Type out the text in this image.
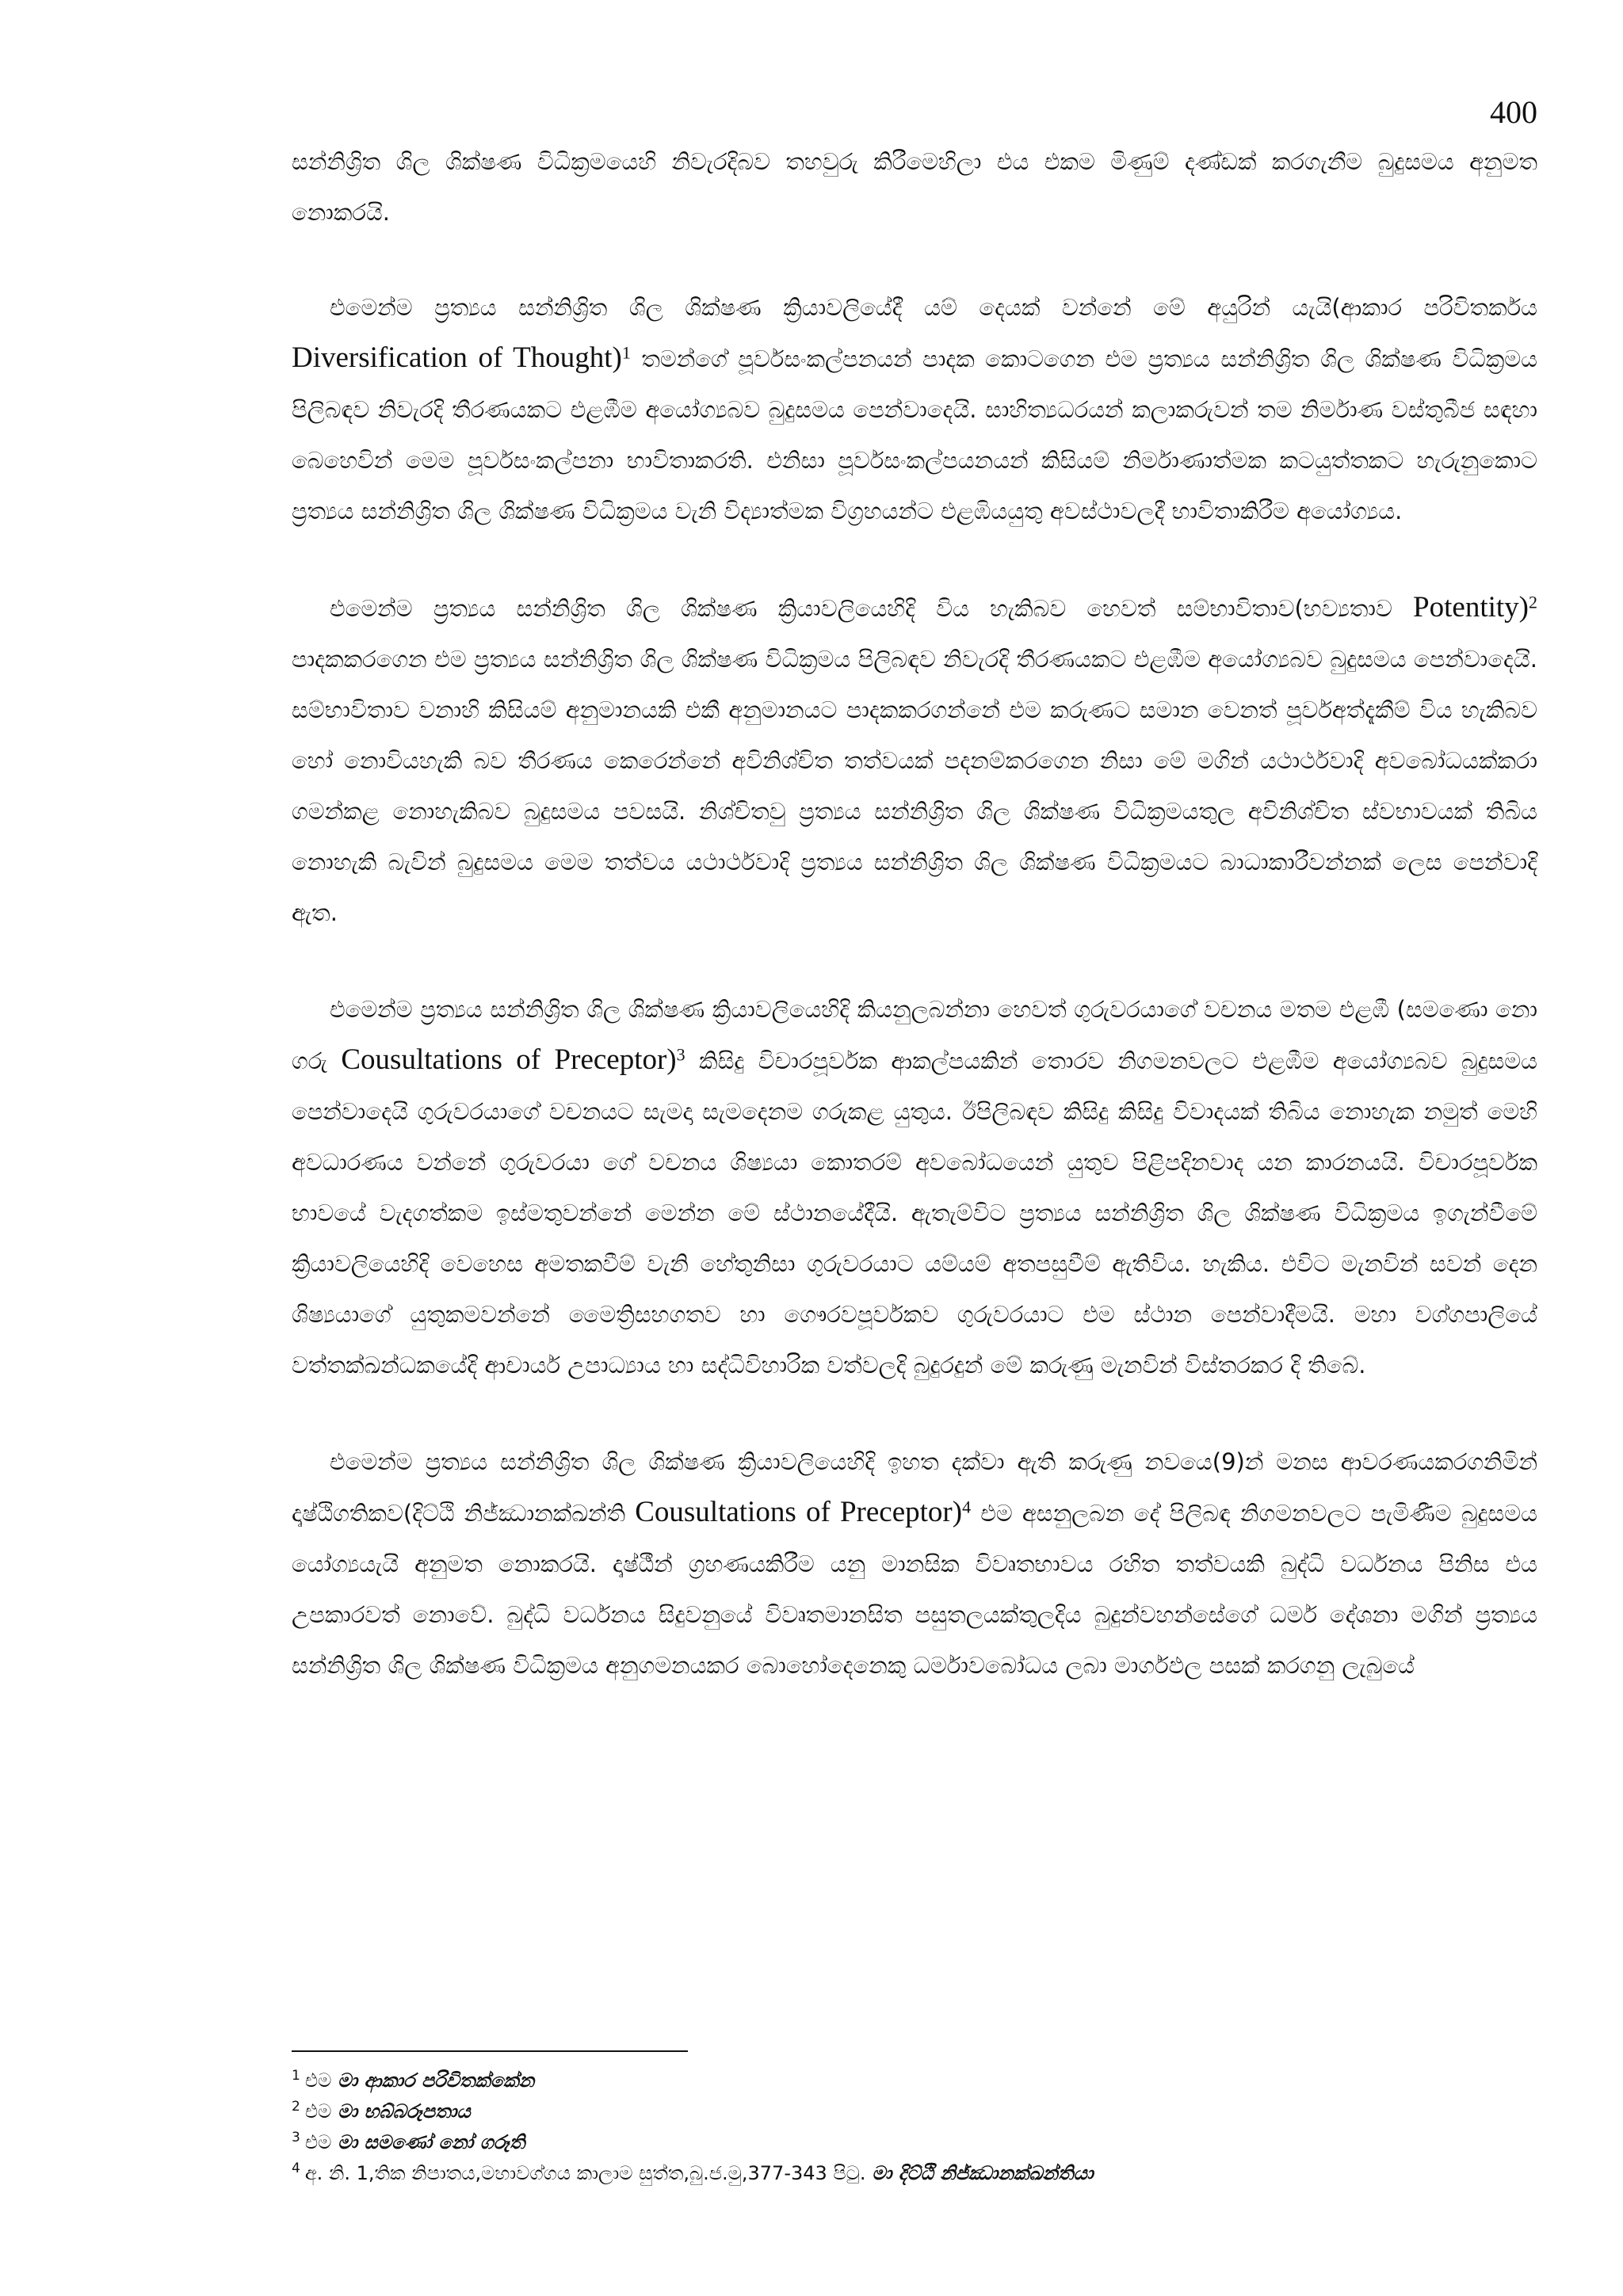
400

සන්නිශ්‍රිත ශිල ශික්ෂණ විධික්‍රමයෙහි නිවැරදිබව තහවුරු කිරීමෙහිලා එය එකම මිණුම් දණ්ඩක් කරගැනීම බුදුසමය අනුමත නොකරයි.

එමෙන්ම ප්‍රත්‍යය සන්නිශ්‍රිත ශිල ශික්ෂණ ක්‍රියාවලියේදී යම් දෙයක් වන්නේ මේ අයුරින් යැයි(ආකාර පරිවිතර්කය Diversification of Thought)$^1$ තමන්ගේ පූර්වසංකල්පනයන් පාදක කොටගෙන එම ප්‍රත්‍යය සන්නිශ්‍රිත ශිල ශික්ෂණ විධික්‍රමය පිලිබඳව නිවැරදි තීරණයකට එළඹීම අයෝග්‍යබව බුදුසමය පෙන්වාදෙයි. සාහිත්‍යධරයන් කලාකරුවන් තම නිර්මාණ වස්තුබීජ සඳහා බෙහෙවින් මෙම පූර්වසංකල්පනා භාවිතාකරති. එනිසා පූර්වසංකල්පයනයන් කිසියම් නිර්මාණාත්මක කටයුත්තකට හැරුනුකොට ප්‍රත්‍යය සන්නිශ්‍රිත ශිල ශික්ෂණ විධික්‍රමය වැනි විද්‍යාත්මක විග්‍රහයන්ට එළඹියයුතු අවස්ථාවලදී භාවිතාකිරීම අයෝග්‍යය.

එමෙන්ම ප්‍රත්‍යය සන්නිශ්‍රිත ශිල ශික්ෂණ ක්‍රියාවලියෙහිදි විය හැකිබව හෙවත් සම්භාවිතාව(භව්‍යතාව Potentity)$^2$ පාදකකරගෙන එම ප්‍රත්‍යය සන්නිශ්‍රිත ශිල ශික්ෂණ විධික්‍රමය පිලිබඳව නිවැරදි තීරණයකට එළඹීම අයෝග්‍යබව බුදුසමය පෙන්වාදෙයි. සම්භාවිතාව වනාහි කිසියම් අනුමානයකි එකී අනුමානයට පාදකකරගන්නේ එම කරුණට සමාන වෙනත් පූර්වඅත්දැකීම් විය හැකිබව හෝ නොවියහැකි බව තීරණය කෙරෙන්නේ අවිනිශ්චිත තත්වයක් පදනම්කරගෙන නිසා මේ මගින් යථාර්ථවාදි අවබෝධයක්කරා ගමන්කළ නොහැකිබව බුදුසමය පවසයි. නිශ්චිතවු ප්‍රත්‍යය සන්නිශ්‍රිත ශිල ශික්ෂණ විධික්‍රමයතුල අවිනිශ්චිත ස්වභාවයක් තිබිය නොහැකි බැවින් බුදුසමය මෙම තත්වය යථාර්ථවාදි ප්‍රත්‍යය සන්නිශ්‍රිත ශිල ශික්ෂණ විධික්‍රමයට බාධාකාරීවන්නක් ලෙස පෙන්වාදි ඇත.

එමෙන්ම ප්‍රත්‍යය සන්නිශ්‍රිත ශිල ශික්ෂණ ක්‍රියාවලියෙහිදි කියනුලබන්නා හෙවත් ගුරුවරයාගේ වචනය මතම එළඹී (සමණො නො ගරු Cousultations of Preceptor)$^3$ කිසිදු විචාරපූර්වක ආකල්පයකින් තොරව නිගමනවලට එළඹීම අයෝග්‍යබව බුදුසමය පෙන්වාදෙයි ගුරුවරයාගේ වචනයට සැමදා සැමදෙනම ගරුකළ යුතුය. ඊපිලිබඳව කිසිදු කිසිදු විවාදයක් තිබිය නොහැක නමුත් මෙහි අවධාරණය වන්නේ ගුරුවරයා ගේ වචනය ශිෂ්‍යයා කොතරම් අවබෝධයෙන් යුතුව පිළිපදිනවාද යන කාරනයයි. විචාරපූර්වක භාවයේ වැදගත්කම ඉස්මතුවන්නේ මෙන්න මේ ස්ථානයේදීයි. ඇතැම්විට ප්‍රත්‍යය සන්නිශ්‍රිත ශිල ශික්ෂණ විධික්‍රමය ඉගැන්වීමේ ක්‍රියාවලියෙහිදි වෙහෙස අමතකවීම් වැනි හේතුනිසා ගුරුවරයාට යම්යම් අතපසුවීම් ඇතිවිය. හැකිය. එවිට මැනවින් සවන් දෙන ශිෂ්‍යයාගේ යුතුකමවන්නේ මෛත්‍රිසහගතව හා ගෞරවපූර්වකව ගුරුවරයාට එම ස්ථාන පෙන්වාදීමයි. මහා වග්ගපාලියේ වත්තක්ඛන්ධකයේදි ආචාර්ය උපාධ්‍යාය හා සද්ධිවිහාරික වත්වලදි බුදුරදුන් මේ කරුණු මැනවින් විස්තරකර දි තිබේ.

එමෙන්ම ප්‍රත්‍යය සන්නිශ්‍රිත ශිල ශික්ෂණ ක්‍රියාවලියෙහිදි ඉහත දක්වා ඇති කරුණු නවයෙ(9)න් මනස ආවරණයකරගනිමින් දෘෂ්ඨිගතිකව(දිට්ඨි නිජ්ඣානක්ඛන්ති Cousultations of Preceptor)$^4$ එම අසනුලබන දේ පිලිබඳ නිගමනවලට පැමිණීම බුදුසමය යෝග්‍යයැයි අනුමත නොකරයි. දෘෂ්ඨීන් ග්‍රහණයකිරීම යනු මානසික විවෘතභාවය රහිත තත්වයකි බුද්ධි වර්ධනය පිනිස එය උපකාරවත් නොවේ. බුද්ධි වර්ධනය සිදුවනුයේ විවෘතමානසිත පසුතලයක්තුලදිය බුදුන්වහන්සේගේ ධර්ම දේශනා මගින් ප්‍රත්‍යය සන්නිශ්‍රිත ශිල ශික්ෂණ විධික්‍රමය අනුගමනයකර බොහෝදෙනෙකු ධර්මාවබෝධය ලබා මාර්ගඵල පසක් කරගනු ලැබුයේ

$^1$ එම මා ආකාර පරිවිතක්කේන

$^2$ එම මා භබ්බරූපතාය

$^3$ එම මා සමණෝ නෝ ගරූති

$^4$ අ. නි. 1,තික නිපාතය,මහාවග්ගය කාලාම සුත්ත,බු.ජ.මු,377-343 පිටු. මා දිට්ඨි නිජ්ඣානක්ඛන්තියා
